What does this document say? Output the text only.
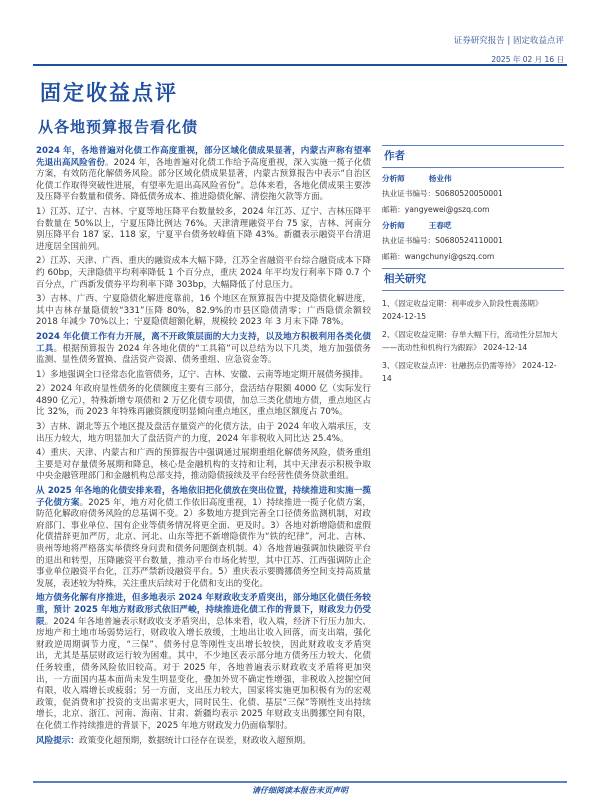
证券研究报告 | 固定收益点评
2025 年 02 月 16 日
固定收益点评
从各地预算报告看化债

2024 年，各地普遍对化债工作高度重视，部分区域化债成果显著，内蒙古声称有望率先退出高风险省份。2024 年，各地普遍对化债工作给予高度重视，深入实施一揽子化债方案，有效防范化解债务风险。部分区域化债成果显著，内蒙古预算报告中表示“自治区化债工作取得突破性进展，有望率先退出高风险省份”。总体来看，各地化债成果主要涉及压降平台数量和债务、降低债务成本、推进隐债化解、清偿拖欠款等方面。

1）江苏、辽宁、吉林、宁夏等地压降平台数量较多，2024 年江苏、辽宁、吉林压降平台数量在 50%以上，宁夏压降比例达 76%。天津清理融资平台 75 家，吉林、河南分别压降平台 187 家、118 家，宁夏平台债务较峰值下降 43%。新疆表示融资平台清退进度居全国前列。

2）江苏、天津、广西、重庆的融资成本大幅下降，江苏全省融资平台综合融资成本下降约 60bp，天津隐债平均利率降低 1 个百分点，重庆 2024 年平均发行利率下降 0.7 个百分点，广西新发债券平均利率下降 303bp，大幅降低了付息压力。

3）吉林、广西、宁夏隐债化解进度靠前，16 个地区在预算报告中提及隐债化解进度，其中吉林存量隐债较“331”压降 80%，82.9%的市县区隐债清零；广西隐债余额较 2018 年减少 70%以上；宁夏隐债超额化解，规模较 2023 年 3 月末下降 78%。

2024 年化债工作有力开展，离不开政策层面的大力支持，以及地方积极利用各类化债工具。根据预算报告 2024 年各地化债的“工具箱”可以总结为以下几类，地方加强债务监测、显性债务置换、盘活资产资源、债务重组、应急资金等。

1）多地强调全口径常态化监管债务，辽宁、吉林、安徽、云南等地定期开展债务摸排。

2）2024 年政府显性债务的化债额度主要有三部分，盘活结存限额 4000 亿（实际发行 4890 亿元），特殊新增专项债和 2 万亿化债专项债，加总三类化债地方债，重点地区占比 32%，而 2023 年特殊再融资额度明显倾向重点地区，重点地区额度占 70%。

3）吉林、湖北等五个地区提及盘活存量资产的化债方法，由于 2024 年收入端承压，支出压力较大，地方明显加大了盘活资产的力度，2024 年非税收入同比达 25.4%。

4）重庆、天津、内蒙古和广西的预算报告中强调通过展期重组化解债务风险，债务重组主要是对存量债务展期和降息，核心是金融机构的支持和让利，其中天津表示积极争取中央金融管理部门和金融机构总部支持，推动隐债接续及平台经营性债务贷款重组。

从 2025 年各地的化债安排来看，各地依旧把化债放在突出位置，持续推进和实施一揽子化债方案。2025 年，地方对化债工作依旧高度重视，1）持续推进一揽子化债方案，防范化解政府债务风险的总基调不变。2）多数地方提到完善全口径债务监测机制，对政府部门、事业单位、国有企业等债务情况将更全面、更及时。3）各地对新增隐债和虚假化债措辞更加严厉，北京、河北、山东等把不新增隐债作为“铁的纪律”，河北、吉林、贵州等地将严格落实举债终身问责和债务问题倒查机制。4）各地普遍强调加快融资平台的退出和转型，压降融资平台数量，推动平台市场化转型，其中江苏、江西强调防止企事业单位融资平台化，江苏严禁新设融资平台。5）重庆表示要腾挪债务空间支持高质量发展，表述较为特殊，关注重庆后续对于化债和支出的变化。

地方债务化解有序推进，但多地表示 2024 年财政收支矛盾突出，部分地区化债任务较重，预计 2025 年地方财政形式依旧严峻，持续推进化债工作的背景下，财政发力仍受限。2024 年各地普遍表示财政收支矛盾突出，总体来看，收入端，经济下行压力加大、房地产和土地市场弱势运行，财政收入增长放缓，土地出让收入回落，而支出端，强化财政逆周期调节力度，“三保”、债务付息等刚性支出增长较快，因此财政收支矛盾突出，尤其是基层财政运行较为困难。其中，不少地区表示部分地方债务压力较大、化债任务较重，债务风险依旧较高。对于 2025 年，各地普遍表示财政收支矛盾将更加突出，一方面国内基本面尚未发生明显变化，叠加外贸不确定性增强，非税收入挖掘空间有限，收入端增长或疲弱；另一方面，支出压力较大，国家将实施更加积极有为的宏观政策，促消费和扩投资的支出需求更大，同时民生、化债、基层“三保”等刚性支出持续增长，北京、浙江、河南、海南、甘肃、新疆均表示 2025 年财政支出腾挪空间有限，在化债工作持续推进的背景下，2025 年地方财政发力仍面临掣肘。

风险提示：政策变化超预期，数据统计口径存在误差，财政收入超预期。

作者
分析师	杨业伟
执业证书编号：S0680520050001
邮箱：yangyewei@gszq.com
分析师	王春呓
执业证书编号：S0680524110001
邮箱：wangchunyi@gszq.com
相关研究
1、《固定收益定期：利率或步入阶段性震荡期》 2024-12-15
2、《固定收益定期：存单大幅下行，流动性分层加大——流动性和机构行为跟踪》 2024-12-14
3、《固定收益点评：社融拐点仍需等待》 2024-12-14
请仔细阅读本报告末页声明
